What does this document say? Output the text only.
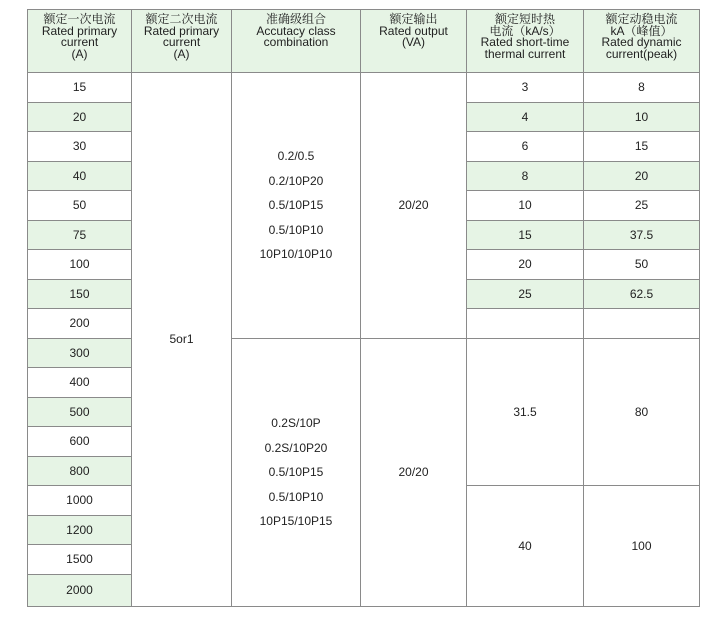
额定一次电流
Rated primary
current
(A)
额定二次电流
Rated primary
current
(A)
准确级组合
Accutacy class
combination
额定输出
Rated output
(VA)
额定短时热
电流（kA/s）
Rated short-time
thermal current
额定动稳电流
kA（峰值）
Rated dynamic
current(peak)
15
20
30
40
50
75
100
150
200
300
400
500
600
800
1000
1200
1500
2000
5or1
0.2/0.5
0.2/10P20
0.5/10P15
0.5/10P10
10P10/10P10
0.2S/10P
0.2S/10P20
0.5/10P15
0.5/10P10
10P15/10P15
20/20
20/20
3
4
6
8
10
15
20
25
31.5
40
8
10
15
20
25
37.5
50
62.5
80
100
